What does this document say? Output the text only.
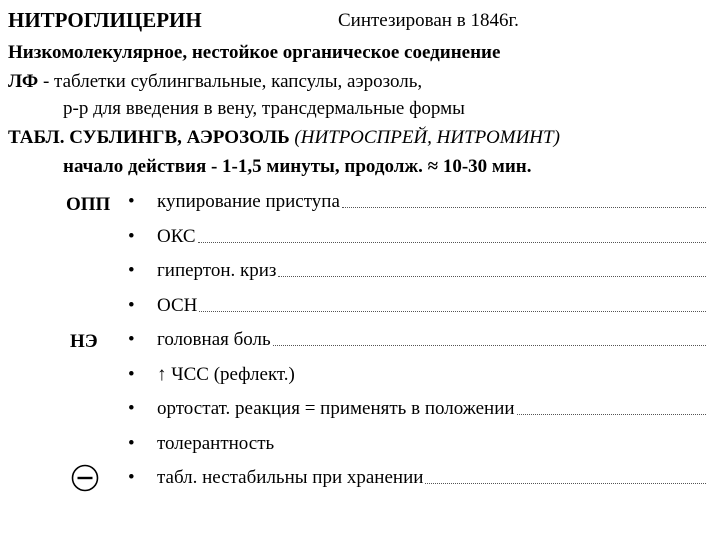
НИТРОГЛИЦЕРИН	Синтезирован в 1846г.
Низкомолекулярное, нестойкое органическое соединение
ЛФ - таблетки сублингвальные, капсулы, аэрозоль,
р-р для введения в вену, трансдермальные формы
ТАБЛ. СУБЛИНГВ, АЭРОЗОЛЬ (НИТРОСПРЕЙ, НИТРОМИНТ)
начало действия - 1-1,5 минуты, продолж. ≈ 10-30 мин.
ОПП
НЭ
•	купирование приступа
•	ОКС
•	гипертон. криз
•	ОСН
•	головная боль
•	↑ ЧСС (рефлект.)
•	ортостат. реакция = применять в положении
•	толерантность
•	табл. нестабильны при хранении
